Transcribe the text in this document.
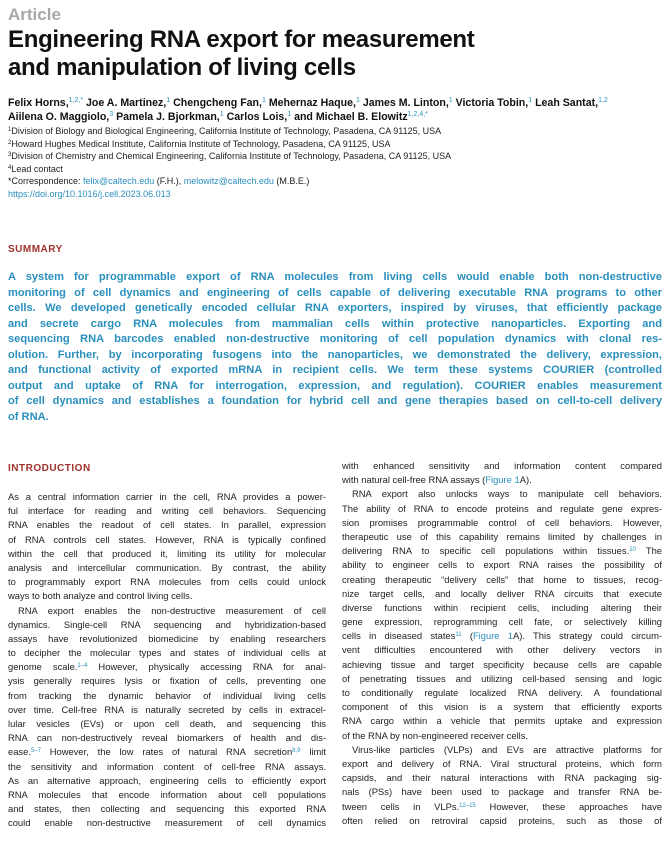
Article
Engineering RNA export for measurement
and manipulation of living cells
Felix Horns,$^{1,2,*}$ Joe A. Martinez,$^1$ Chengcheng Fan,$^1$ Mehernaz Haque,$^1$ James M. Linton,$^1$ Victoria Tobin,$^1$ Leah Santat,$^{1,2}$
Aiilena O. Maggiolo,$^3$ Pamela J. Bjorkman,$^1$ Carlos Lois,$^1$ and Michael B. Elowitz$^{1,2,4,*}$
$^1$Division of Biology and Biological Engineering, California Institute of Technology, Pasadena, CA 91125, USA
$^2$Howard Hughes Medical Institute, California Institute of Technology, Pasadena, CA 91125, USA
$^3$Division of Chemistry and Chemical Engineering, California Institute of Technology, Pasadena, CA 91125, USA
$^4$Lead contact
*Correspondence: felix@caltech.edu (F.H.), melowitz@caltech.edu (M.B.E.)
https://doi.org/10.1016/j.cell.2023.06.013
SUMMARY
A system for programmable export of RNA molecules from living cells would enable both non-destructive
monitoring of cell dynamics and engineering of cells capable of delivering executable RNA programs to other
cells. We developed genetically encoded cellular RNA exporters, inspired by viruses, that efficiently package
and secrete cargo RNA molecules from mammalian cells within protective nanoparticles. Exporting and
sequencing RNA barcodes enabled non-destructive monitoring of cell population dynamics with clonal res-
olution. Further, by incorporating fusogens into the nanoparticles, we demonstrated the delivery, expression,
and functional activity of exported mRNA in recipient cells. We term these systems COURIER (controlled
output and uptake of RNA for interrogation, expression, and regulation). COURIER enables measurement
of cell dynamics and establishes a foundation for hybrid cell and gene therapies based on cell-to-cell delivery
of RNA.
INTRODUCTION
As a central information carrier in the cell, RNA provides a power-
ful interface for reading and writing cell behaviors. Sequencing
RNA enables the readout of cell states. In parallel, expression
of RNA controls cell states. However, RNA is typically confined
within the cell that produced it, limiting its utility for molecular
analysis and intercellular communication. By contrast, the ability
to programmably export RNA molecules from cells could unlock
ways to both analyze and control living cells.
RNA export enables the non-destructive measurement of cell
dynamics. Single-cell RNA sequencing and hybridization-based
assays have revolutionized biomedicine by enabling researchers
to decipher the molecular types and states of individual cells at
genome scale.$^{1-4}$ However, physically accessing RNA for anal-
ysis generally requires lysis or fixation of cells, preventing one
from tracking the dynamic behavior of individual living cells
over time. Cell-free RNA is naturally secreted by cells in extracel-
lular vesicles (EVs) or upon cell death, and sequencing this
RNA can non-destructively reveal biomarkers of health and dis-
ease.$^{5-7}$ However, the low rates of natural RNA secretion$^{8,9}$ limit
the sensitivity and information content of cell-free RNA assays.
As an alternative approach, engineering cells to efficiently export
RNA molecules that encode information about cell populations
and states, then collecting and sequencing this exported RNA
could enable non-destructive measurement of cell dynamics
with enhanced sensitivity and information content compared
with natural cell-free RNA assays (Figure 1A).
RNA export also unlocks ways to manipulate cell behaviors.
The ability of RNA to encode proteins and regulate gene expres-
sion promises programmable control of cell behaviors. However,
therapeutic use of this capability remains limited by challenges in
delivering RNA to specific cell populations within tissues.$^{10}$ The
ability to engineer cells to export RNA raises the possibility of
creating therapeutic “delivery cells” that home to tissues, recog-
nize target cells, and locally deliver RNA circuits that execute
diverse functions within recipient cells, including altering their
gene expression, reprogramming cell fate, or selectively killing
cells in diseased states$^{11}$ (Figure 1A). This strategy could circum-
vent difficulties encountered with other delivery vectors in
achieving tissue and target specificity because cells are capable
of penetrating tissues and utilizing cell-based sensing and logic
to conditionally regulate localized RNA delivery. A foundational
component of this vision is a system that efficiently exports
RNA cargo within a vehicle that permits uptake and expression
of the RNA by non-engineered receiver cells.
Virus-like particles (VLPs) and EVs are attractive platforms for
export and delivery of RNA. Viral structural proteins, which form
capsids, and their natural interactions with RNA packaging sig-
nals (PSs) have been used to package and transfer RNA be-
tween cells in VLPs.$^{12-15}$ However, these approaches have
often relied on retroviral capsid proteins, such as those of
